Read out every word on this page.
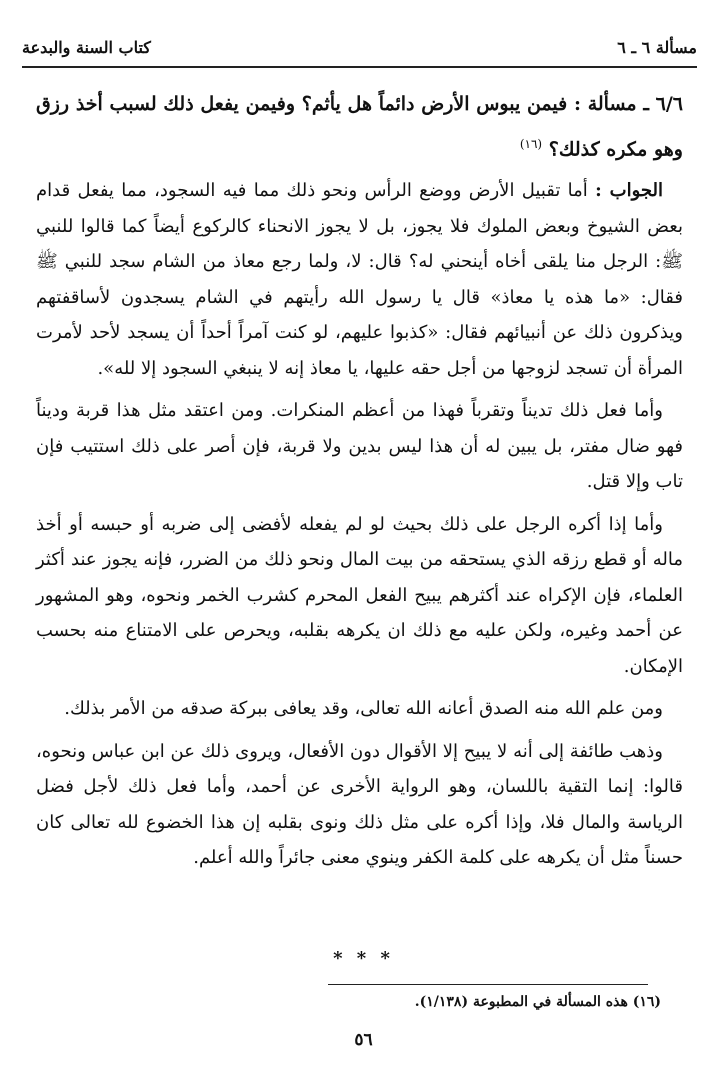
مسألة ٦ ـ ٦
كتاب السنة والبدعة

٦/٦ ـ مسألة : فيمن يبوس الأرض دائماً هل يأثم؟ وفيمن يفعل ذلك لسبب أخذ رزق وهو مكره كذلك؟ $^{(١٦)}$

الجواب : أما تقبيل الأرض ووضع الرأس ونحو ذلك مما فيه السجود، مما يفعل قدام بعض الشيوخ وبعض الملوك فلا يجوز، بل لا يجوز الانحناء كالركوع أيضاً كما قالوا للنبي ﷺ: الرجل منا يلقى أخاه أينحني له؟ قال: لا، ولما رجع معاذ من الشام سجد للنبي ﷺ فقال: «ما هذه يا معاذ» قال يا رسول الله رأيتهم في الشام يسجدون لأساقفتهم ويذكرون ذلك عن أنبيائهم فقال: «كذبوا عليهم، لو كنت آمراً أحداً أن يسجد لأحد لأمرت المرأة أن تسجد لزوجها من أجل حقه عليها، يا معاذ إنه لا ينبغي السجود إلا لله».

وأما فعل ذلك تديناً وتقرباً فهذا من أعظم المنكرات. ومن اعتقد مثل هذا قربة وديناً فهو ضال مفتر، بل يبين له أن هذا ليس بدين ولا قربة، فإن أصر على ذلك استتيب فإن تاب وإلا قتل.

وأما إذا أكره الرجل على ذلك بحيث لو لم يفعله لأفضى إلى ضربه أو حبسه أو أخذ ماله أو قطع رزقه الذي يستحقه من بيت المال ونحو ذلك من الضرر، فإنه يجوز عند أكثر العلماء، فإن الإكراه عند أكثرهم يبيح الفعل المحرم كشرب الخمر ونحوه، وهو المشهور عن أحمد وغيره، ولكن عليه مع ذلك ان يكرهه بقلبه، ويحرص على الامتناع منه بحسب الإمكان.

ومن علم الله منه الصدق أعانه الله تعالى، وقد يعافى ببركة صدقه من الأمر بذلك.

وذهب طائفة إلى أنه لا يبيح إلا الأقوال دون الأفعال، ويروى ذلك عن ابن عباس ونحوه، قالوا: إنما التقية باللسان، وهو الرواية الأخرى عن أحمد، وأما فعل ذلك لأجل فضل الرياسة والمال فلا، وإذا أكره على مثل ذلك ونوى بقلبه إن هذا الخضوع لله تعالى كان حسناً مثل أن يكرهه على كلمة الكفر وينوي معنى جائراً والله أعلم.

* * *
(١٦) هذه المسألة في المطبوعة (١/١٣٨).
٥٦
